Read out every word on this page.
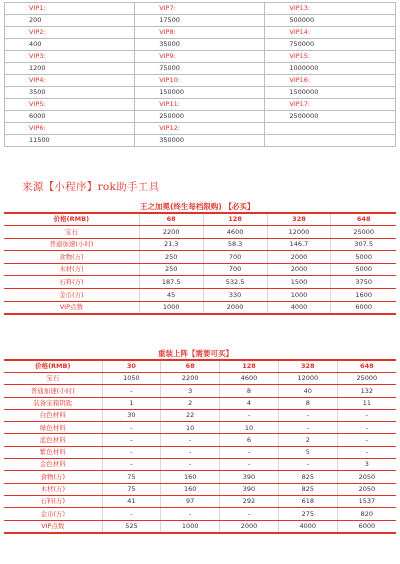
VIP1:	VIP7:	VIP13:
200	17500	500000
VIP2:	VIP8:	VIP14:
400	35000	750000
VIP3:	VIP9:	VIP15:
1200	75000	1000000
VIP4:	VIP10:	VIP16:
3500	150000	1500000
VIP5:	VIP11:	VIP17:
6000	250000	2500000
VIP6:	VIP12:	
11500	350000	
来源【小程序】rok助手工具
王之加冕(终生每档限购) 【必买】
价格(RMB)	68	128	328	648
宝石	2200	4600	12000	25000
普通加速(小时)	21.3	58.3	146.7	307.5
食物(万)	250	700	2000	5000
木材(万)	250	700	2000	5000
石料(万)	187.5	532.5	1500	3750
金币(万)	45	330	1000	1600
VIP点数	1000	2000	4000	6000
重装上阵【需要可买】
价格(RMB)	30	68	128	328	648
宝石	1050	2200	4600	12000	25000
普通加速(小时)	-	3	8	40	132
装备宝箱钥匙	1	2	4	8	11
白色材料	30	22	-	-	-
绿色材料	-	10	10	-	-
蓝色材料	-	-	6	2	-
紫色材料	-	-	-	5	-
金色材料	-	-	-	-	3
食物(万)	75	160	390	825	2050
木材(万)	75	160	390	825	2050
石料(万)	41	97	292	618	1537
金币(万)	-	-	-	275	820
VIP点数	525	1000	2000	4000	6000
